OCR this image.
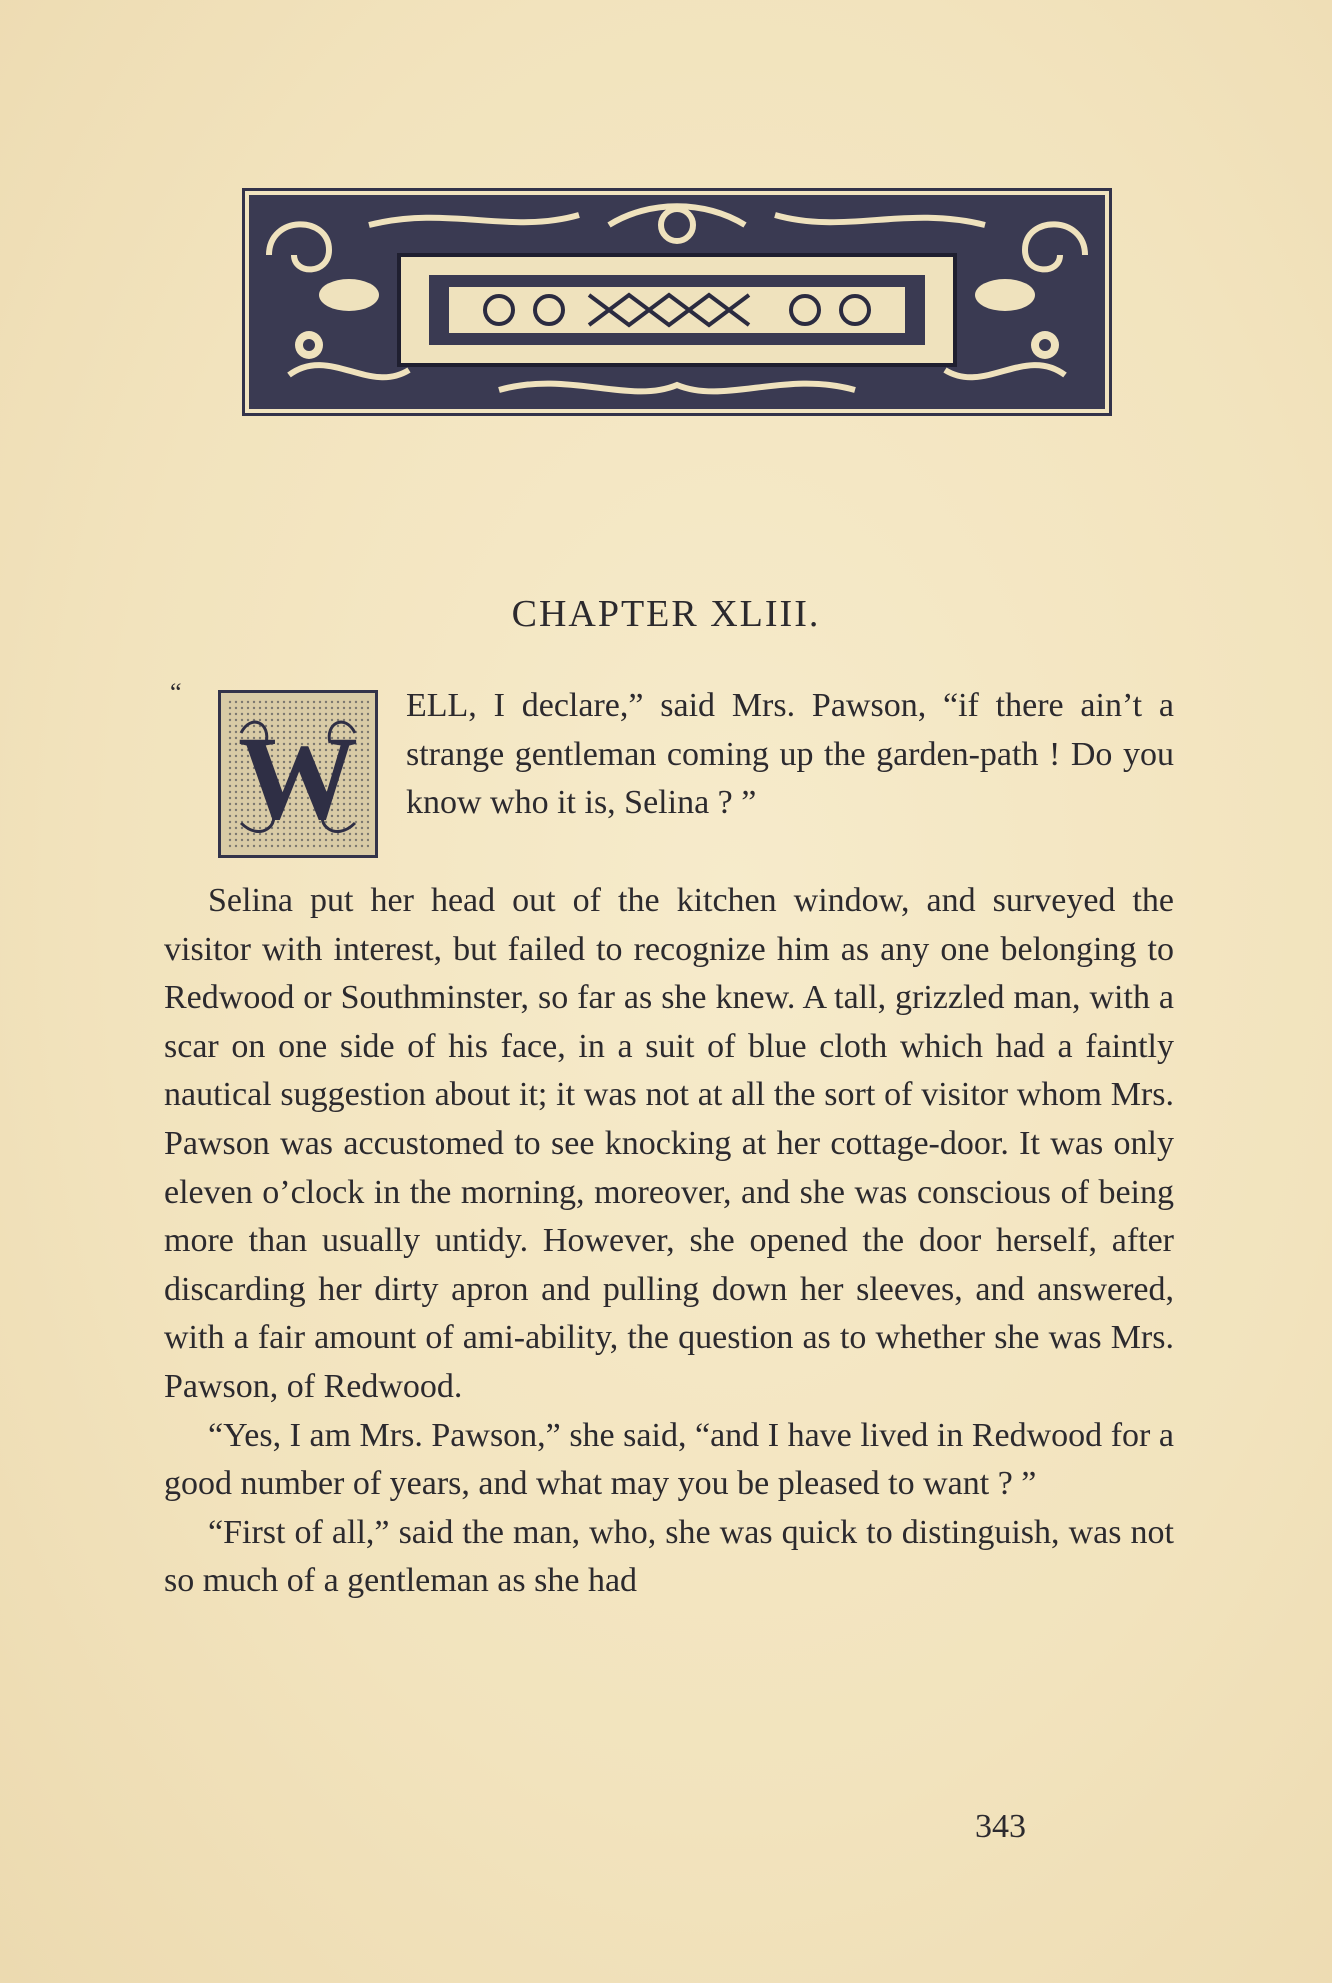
CHAPTER XLIII.
“
W

ELL, I declare,” said Mrs. Pawson, “if there ain’t a strange gentleman coming up the garden-path ! Do you know who it is, Selina ? ”

Selina put her head out of the kitchen window, and surveyed the visitor with interest, but failed to recognize him as any one belonging to Redwood or Southminster, so far as she knew. A tall, grizzled man, with a scar on one side of his face, in a suit of blue cloth which had a faintly nautical suggestion about it; it was not at all the sort of visitor whom Mrs. Pawson was accustomed to see knocking at her cottage-door. It was only eleven o’clock in the morning, moreover, and she was conscious of being more than usually untidy. However, she opened the door herself, after discarding her dirty apron and pulling down her sleeves, and answered, with a fair amount of ami-ability, the question as to whether she was Mrs. Pawson, of Redwood.

“Yes, I am Mrs. Pawson,” she said, “and I have lived in Redwood for a good number of years, and what may you be pleased to want ? ”

“First of all,” said the man, who, she was quick to distinguish, was not so much of a gentleman as she had

343
